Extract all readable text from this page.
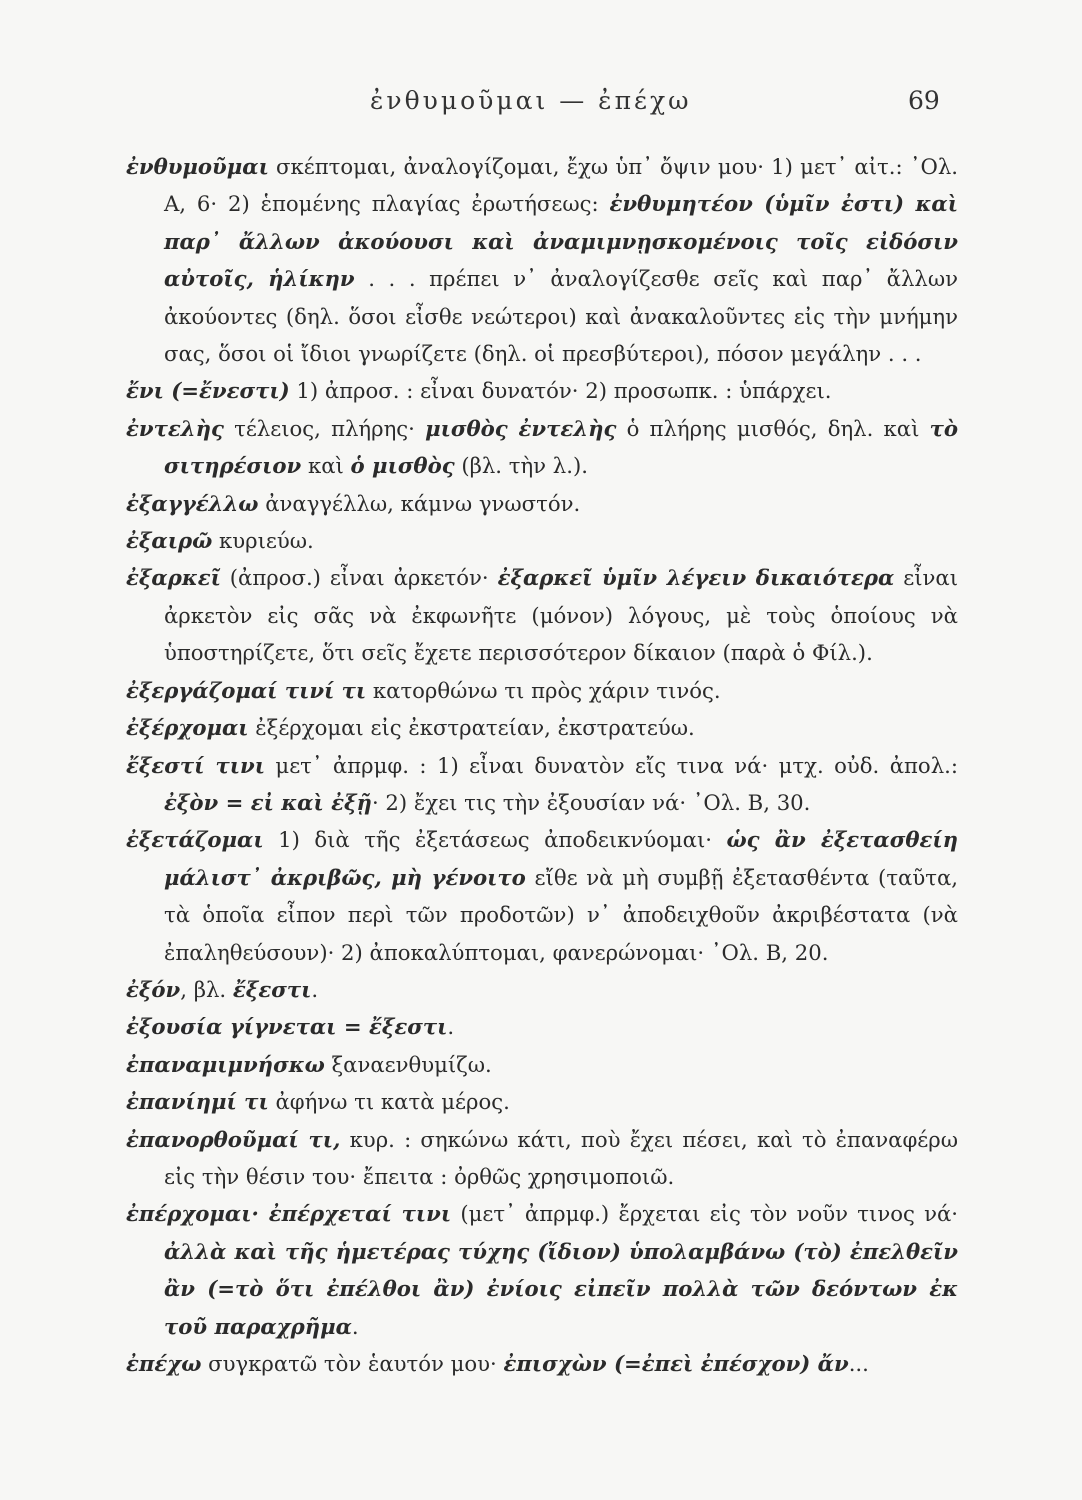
ἐνθυμοῦμαι — ἐπέχω	69

ἐνθυμοῦμαι σκέπτομαι, ἀναλογίζομαι, ἔχω ὑπ᾿ ὄψιν μου· 1) μετ᾿ αἰτ.: ᾿Ολ. Α, 6· 2) ἑπομένης πλαγίας ἐρωτήσεως: ἐνθυμητέον (ὑμῖν ἐστι) καὶ παρ᾿ ἄλλων ἀκούουσι καὶ ἀναμιμνῃσκομένοις τοῖς εἰδόσιν αὐτοῖς, ἡλίκην . . . πρέπει ν᾿ ἀναλογίζεσθε σεῖς καὶ παρ᾿ ἄλλων ἀκούοντες (δηλ. ὅσοι εἶσθε νεώτεροι) καὶ ἀνακαλοῦντες εἰς τὴν μνήμην σας, ὅσοι οἱ ἴδιοι γνωρίζετε (δηλ. οἱ πρεσβύτεροι), πόσον μεγάλην . . .

ἔνι (=ἔνεστι) 1) ἀπροσ. : εἶναι δυνατόν· 2) προσωπκ. : ὑπάρχει.

ἐντελὴς τέλειος, πλήρης· μισθὸς ἐντελὴς ὁ πλήρης μισθός, δηλ. καὶ τὸ σιτηρέσιον καὶ ὁ μισθὸς (βλ. τὴν λ.).

ἐξαγγέλλω ἀναγγέλλω, κάμνω γνωστόν.

ἐξαιρῶ κυριεύω.

ἐξαρκεῖ (ἀπροσ.) εἶναι ἀρκετόν· ἐξαρκεῖ ὑμῖν λέγειν δικαιότερα εἶναι ἀρκετὸν εἰς σᾶς νὰ ἐκφωνῆτε (μόνον) λόγους, μὲ τοὺς ὁποίους νὰ ὑποστηρίζετε, ὅτι σεῖς ἔχετε περισσότερον δίκαιον (παρὰ ὁ Φίλ.).

ἐξεργάζομαί τινί τι κατορθώνω τι πρὸς χάριν τινός.

ἐξέρχομαι ἐξέρχομαι εἰς ἐκστρατείαν, ἐκστρατεύω.

ἔξεστί τινι μετ᾿ ἀπρμφ. : 1) εἶναι δυνατὸν εἴς τινα νά· μτχ. οὐδ. ἀπολ.: ἐξὸν = εἰ καὶ ἐξῇ· 2) ἔχει τις τὴν ἐξουσίαν νά· ᾿Ολ. Β, 30.

ἐξετάζομαι 1) διὰ τῆς ἐξετάσεως ἀποδεικνύομαι· ὡς ἂν ἐξετασθείη μάλιστ᾿ ἀκριβῶς, μὴ γένοιτο εἴθε νὰ μὴ συμβῇ ἐξετασθέντα (ταῦτα, τὰ ὁποῖα εἶπον περὶ τῶν προδοτῶν) ν᾿ ἀποδειχθοῦν ἀκριβέστατα (νὰ ἐπαληθεύσουν)· 2) ἀποκαλύπτομαι, φανερώνομαι· ᾿Ολ. Β, 20.

ἐξόν, βλ. ἔξεστι.

ἐξουσία γίγνεται = ἔξεστι.

ἐπαναμιμνήσκω ξαναενθυμίζω.

ἐπανίημί τι ἀφήνω τι κατὰ μέρος.

ἐπανορθοῦμαί τι, κυρ. : σηκώνω κάτι, ποὺ ἔχει πέσει, καὶ τὸ ἐπαναφέρω εἰς τὴν θέσιν του· ἔπειτα : ὀρθῶς χρησιμοποιῶ.

ἐπέρχομαι· ἐπέρχεταί τινι (μετ᾿ ἀπρμφ.) ἔρχεται εἰς τὸν νοῦν τινος νά· ἀλλὰ καὶ τῆς ἡμετέρας τύχης (ἴδιον) ὑπολαμβάνω (τὸ) ἐπελθεῖν ἂν (=τὸ ὅτι ἐπέλθοι ἂν) ἐνίοις εἰπεῖν πολλὰ τῶν δεόντων ἐκ τοῦ παραχρῆμα.

ἐπέχω συγκρατῶ τὸν ἑαυτόν μου· ἐπισχὼν (=ἐπεὶ ἐπέσχον) ἄν...
